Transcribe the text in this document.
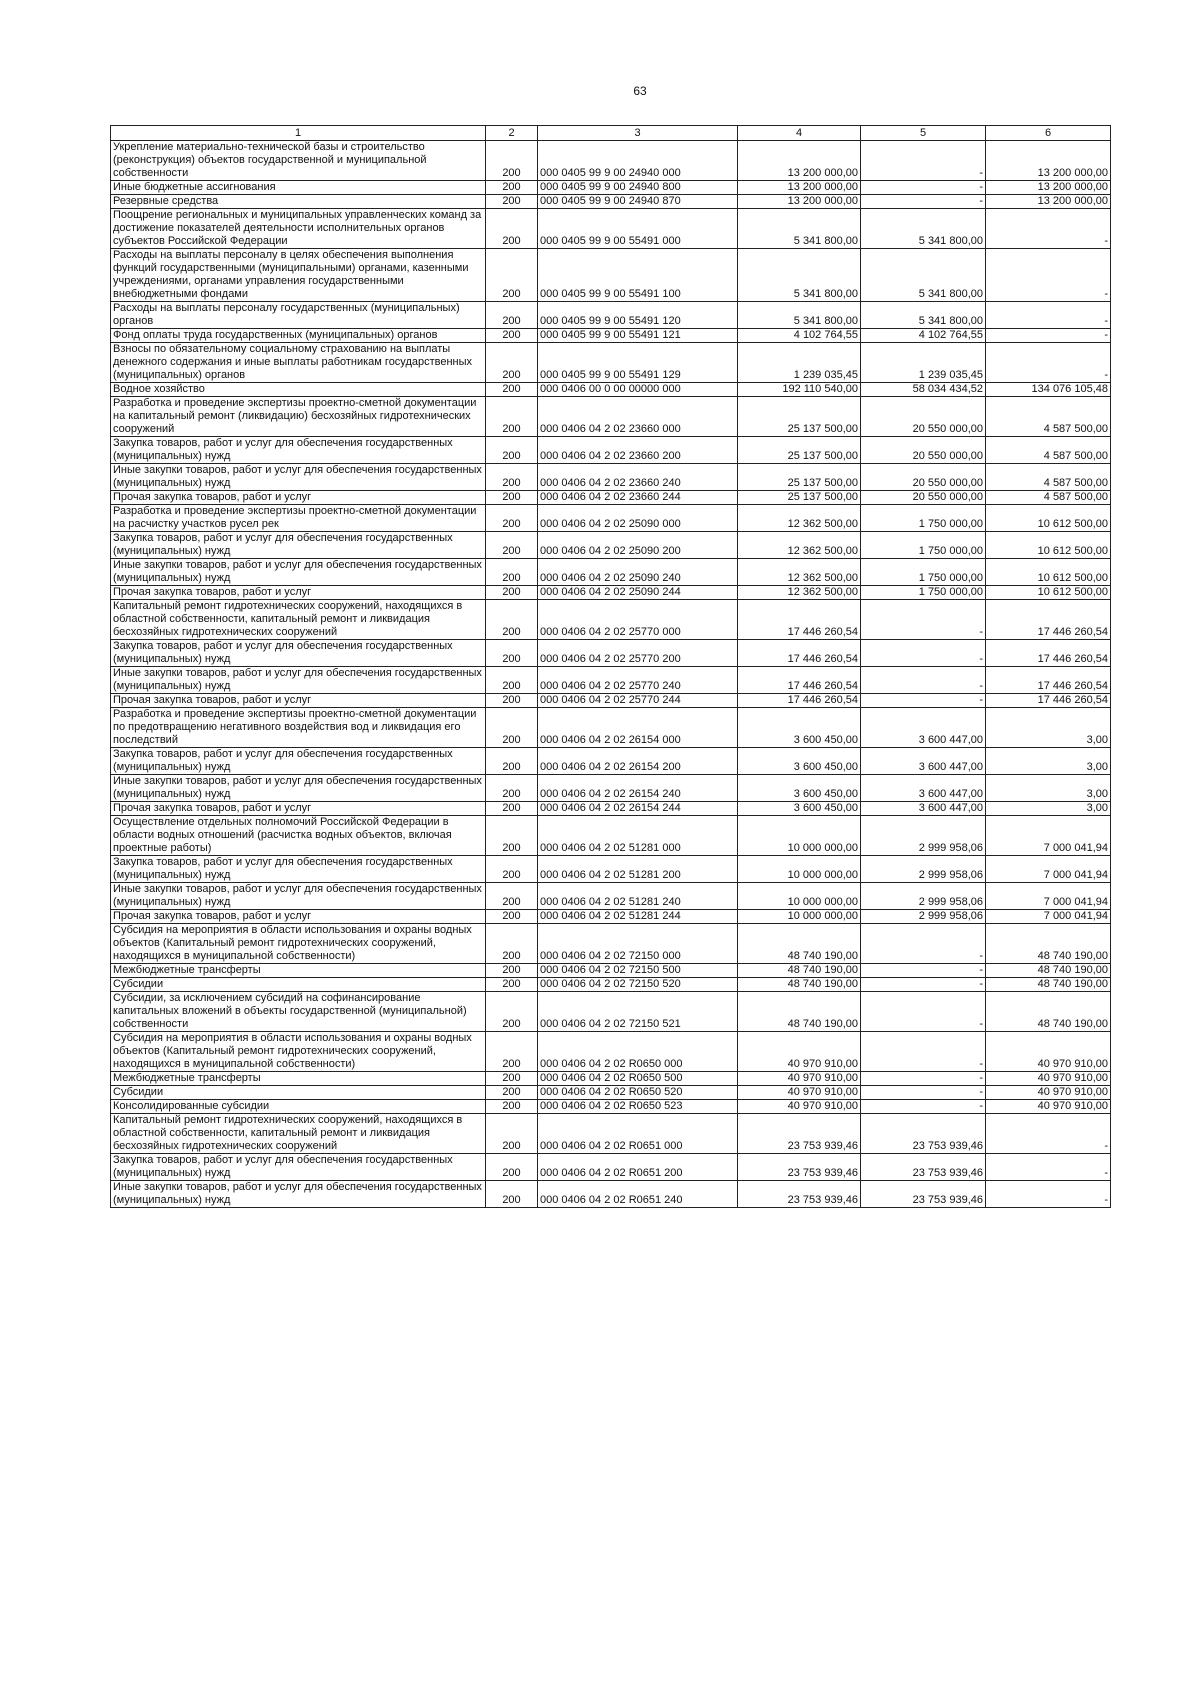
63
1	2	3	4	5	6
Укрепление материально-технической базы и строительство (реконструкция) объектов государственной и муниципальной собственности	200	000 0405 99 9 00 24940 000	13 200 000,00	-	13 200 000,00
Иные бюджетные ассигнования	200	000 0405 99 9 00 24940 800	13 200 000,00	-	13 200 000,00
Резервные средства	200	000 0405 99 9 00 24940 870	13 200 000,00	-	13 200 000,00
Поощрение региональных и муниципальных управленческих команд за достижение показателей деятельности исполнительных органов субъектов Российской Федерации	200	000 0405 99 9 00 55491 000	5 341 800,00	5 341 800,00	-
Расходы на выплаты персоналу в целях обеспечения выполнения функций государственными (муниципальными) органами, казенными учреждениями, органами управления государственными внебюджетными фондами	200	000 0405 99 9 00 55491 100	5 341 800,00	5 341 800,00	-
Расходы на выплаты персоналу государственных (муниципальных) органов	200	000 0405 99 9 00 55491 120	5 341 800,00	5 341 800,00	-
Фонд оплаты труда государственных (муниципальных) органов	200	000 0405 99 9 00 55491 121	4 102 764,55	4 102 764,55	-
Взносы по обязательному социальному страхованию на выплаты денежного содержания и иные выплаты работникам государственных (муниципальных) органов	200	000 0405 99 9 00 55491 129	1 239 035,45	1 239 035,45	-
Водное хозяйство	200	000 0406 00 0 00 00000 000	192 110 540,00	58 034 434,52	134 076 105,48
Разработка и проведение экспертизы проектно-сметной документации на капитальный ремонт (ликвидацию) бесхозяйных гидротехнических сооружений	200	000 0406 04 2 02 23660 000	25 137 500,00	20 550 000,00	4 587 500,00
Закупка товаров, работ и услуг для обеспечения государственных (муниципальных) нужд	200	000 0406 04 2 02 23660 200	25 137 500,00	20 550 000,00	4 587 500,00
Иные закупки товаров, работ и услуг для обеспечения государственных (муниципальных) нужд	200	000 0406 04 2 02 23660 240	25 137 500,00	20 550 000,00	4 587 500,00
Прочая закупка товаров, работ и услуг	200	000 0406 04 2 02 23660 244	25 137 500,00	20 550 000,00	4 587 500,00
Разработка и проведение экспертизы проектно-сметной документации на расчистку участков русел рек	200	000 0406 04 2 02 25090 000	12 362 500,00	1 750 000,00	10 612 500,00
Закупка товаров, работ и услуг для обеспечения государственных (муниципальных) нужд	200	000 0406 04 2 02 25090 200	12 362 500,00	1 750 000,00	10 612 500,00
Иные закупки товаров, работ и услуг для обеспечения государственных (муниципальных) нужд	200	000 0406 04 2 02 25090 240	12 362 500,00	1 750 000,00	10 612 500,00
Прочая закупка товаров, работ и услуг	200	000 0406 04 2 02 25090 244	12 362 500,00	1 750 000,00	10 612 500,00
Капитальный ремонт гидротехнических сооружений, находящихся в областной собственности, капитальный ремонт и ликвидация бесхозяйных гидротехнических сооружений	200	000 0406 04 2 02 25770 000	17 446 260,54	-	17 446 260,54
Закупка товаров, работ и услуг для обеспечения государственных (муниципальных) нужд	200	000 0406 04 2 02 25770 200	17 446 260,54	-	17 446 260,54
Иные закупки товаров, работ и услуг для обеспечения государственных (муниципальных) нужд	200	000 0406 04 2 02 25770 240	17 446 260,54	-	17 446 260,54
Прочая закупка товаров, работ и услуг	200	000 0406 04 2 02 25770 244	17 446 260,54	-	17 446 260,54
Разработка и проведение экспертизы проектно-сметной документации по предотвращению негативного воздействия вод и ликвидация его последствий	200	000 0406 04 2 02 26154 000	3 600 450,00	3 600 447,00	3,00
Закупка товаров, работ и услуг для обеспечения государственных (муниципальных) нужд	200	000 0406 04 2 02 26154 200	3 600 450,00	3 600 447,00	3,00
Иные закупки товаров, работ и услуг для обеспечения государственных (муниципальных) нужд	200	000 0406 04 2 02 26154 240	3 600 450,00	3 600 447,00	3,00
Прочая закупка товаров, работ и услуг	200	000 0406 04 2 02 26154 244	3 600 450,00	3 600 447,00	3,00
Осуществление отдельных полномочий Российской Федерации в области водных отношений (расчистка водных объектов, включая проектные работы)	200	000 0406 04 2 02 51281 000	10 000 000,00	2 999 958,06	7 000 041,94
Закупка товаров, работ и услуг для обеспечения государственных (муниципальных) нужд	200	000 0406 04 2 02 51281 200	10 000 000,00	2 999 958,06	7 000 041,94
Иные закупки товаров, работ и услуг для обеспечения государственных (муниципальных) нужд	200	000 0406 04 2 02 51281 240	10 000 000,00	2 999 958,06	7 000 041,94
Прочая закупка товаров, работ и услуг	200	000 0406 04 2 02 51281 244	10 000 000,00	2 999 958,06	7 000 041,94
Субсидия на мероприятия в области использования и охраны водных объектов (Капитальный ремонт гидротехнических сооружений, находящихся в муниципальной собственности)	200	000 0406 04 2 02 72150 000	48 740 190,00	-	48 740 190,00
Межбюджетные трансферты	200	000 0406 04 2 02 72150 500	48 740 190,00	-	48 740 190,00
Субсидии	200	000 0406 04 2 02 72150 520	48 740 190,00	-	48 740 190,00
Субсидии, за исключением субсидий на софинансирование капитальных вложений в объекты государственной (муниципальной) собственности	200	000 0406 04 2 02 72150 521	48 740 190,00	-	48 740 190,00
Субсидия на мероприятия в области использования и охраны водных объектов (Капитальный ремонт гидротехнических сооружений, находящихся в муниципальной собственности)	200	000 0406 04 2 02 R0650 000	40 970 910,00	-	40 970 910,00
Межбюджетные трансферты	200	000 0406 04 2 02 R0650 500	40 970 910,00	-	40 970 910,00
Субсидии	200	000 0406 04 2 02 R0650 520	40 970 910,00	-	40 970 910,00
Консолидированные субсидии	200	000 0406 04 2 02 R0650 523	40 970 910,00	-	40 970 910,00
Капитальный ремонт гидротехнических сооружений, находящихся в областной собственности, капитальный ремонт и ликвидация бесхозяйных гидротехнических сооружений	200	000 0406 04 2 02 R0651 000	23 753 939,46	23 753 939,46	-
Закупка товаров, работ и услуг для обеспечения государственных (муниципальных) нужд	200	000 0406 04 2 02 R0651 200	23 753 939,46	23 753 939,46	-
Иные закупки товаров, работ и услуг для обеспечения государственных (муниципальных) нужд	200	000 0406 04 2 02 R0651 240	23 753 939,46	23 753 939,46	-
